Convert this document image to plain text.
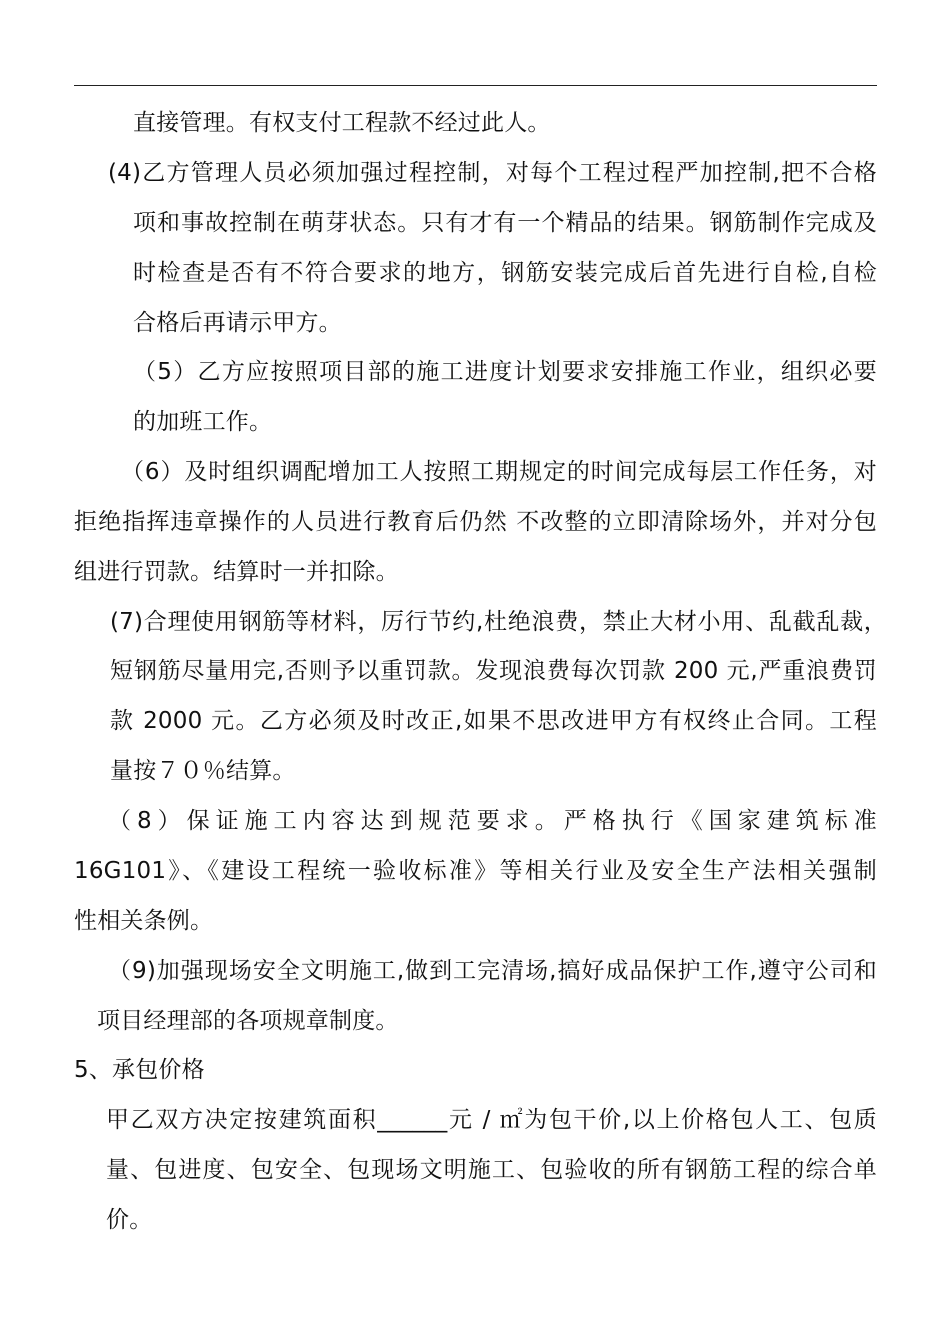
直接管理。有权支付工程款不经过此人。
(4)乙方管理人员必须加强过程控制，对每个工程过程严加控制,把不合格
项和事故控制在萌芽状态。只有才有一个精品的结果。钢筋制作完成及
时检查是否有不符合要求的地方，钢筋安装完成后首先进行自检,自检
合格后再请示甲方。
（5）乙方应按照项目部的施工进度计划要求安排施工作业，组织必要
的加班工作。
（6）及时组织调配增加工人按照工期规定的时间完成每层工作任务，对
拒绝指挥违章操作的人员进行教育后仍然 不改整的立即清除场外，并对分包
组进行罚款。结算时一并扣除。
(7)合理使用钢筋等材料，厉行节约,杜绝浪费，禁止大材小用、乱截乱裁，
短钢筋尽量用完,否则予以重罚款。发现浪费每次罚款 200 元,严重浪费罚
款 2000 元。乙方必须及时改正,如果不思改进甲方有权终止合同。工程
量按７０％结算。
（8）保证施工内容达到规范要求。严格执行《国家建筑标准
16G101》、《建设工程统一验收标准》等相关行业及安全生产法相关强制
性相关条例。
（9)加强现场安全文明施工,做到工完清场,搞好成品保护工作,遵守公司和
项目经理部的各项规章制度。
5、承包价格
甲乙双方决定按建筑面积______元 / ㎡为包干价,以上价格包人工、包质
量、包进度、包安全、包现场文明施工、包验收的所有钢筋工程的综合单
价。
